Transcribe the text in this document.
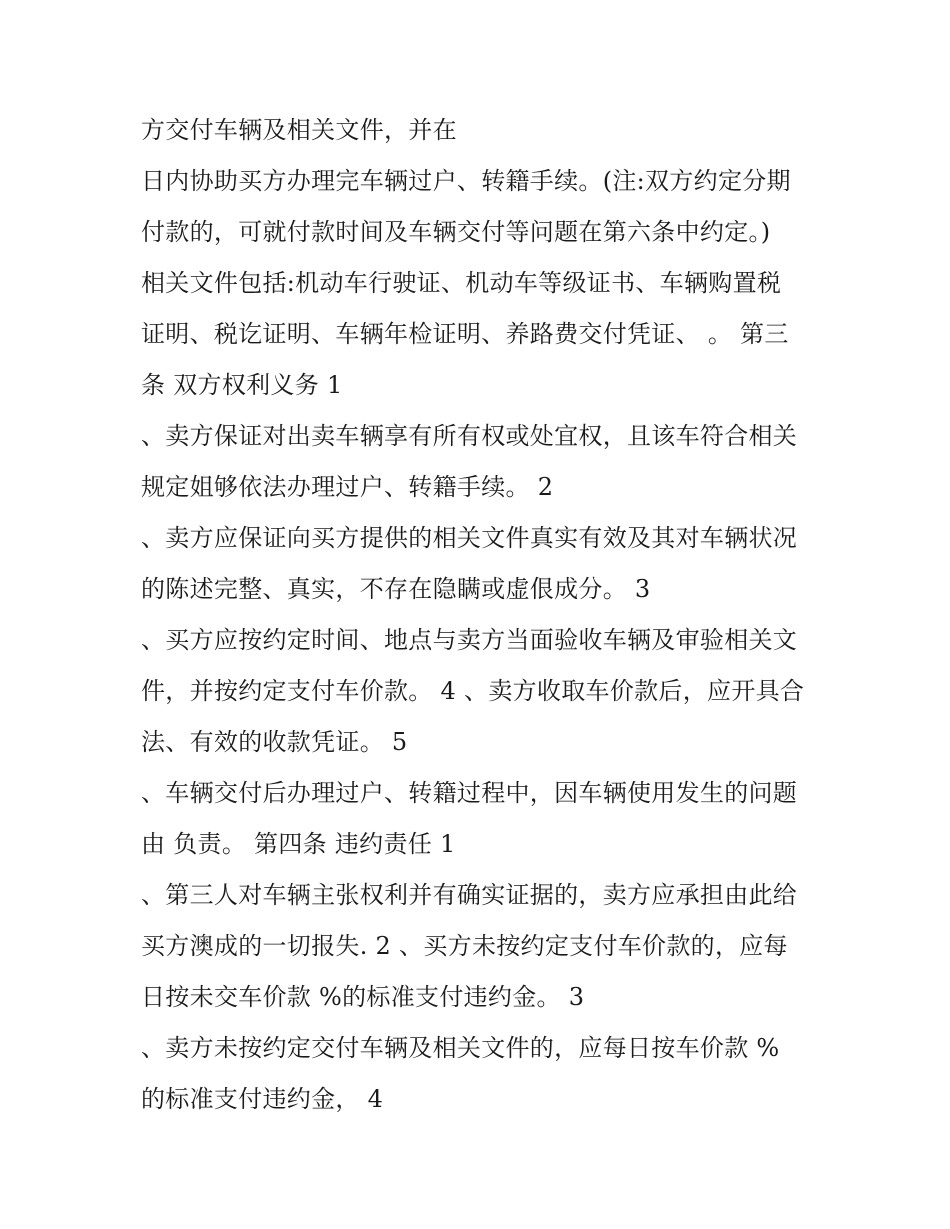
方交付车辆及相关文件，并在
日内协助买方办理完车辆过户、转籍手续。(注:双方约定分期
付款的，可就付款时间及车辆交付等问题在第六条中约定。)
相关文件包括:机动车行驶证、机动车等级证书、车辆购置税
证明、税讫证明、车辆年检证明、养路费交付凭证、 。 第三
条 双方权利义务 1
、卖方保证对出卖车辆享有所有权或处宜权，且该车符合相关
规定姐够依法办理过户、转籍手续。 2
、卖方应保证向买方提供的相关文件真实有效及其对车辆状况
的陈述完整、真实，不存在隐瞒或虚佷成分。 3
、买方应按约定时间、地点与卖方当面验收车辆及审验相关文
件，并按约定支付车价款。 4 、卖方收取车价款后，应开具合
法、有效的收款凭证。 5
、车辆交付后办理过户、转籍过程中，因车辆使用发生的问题
由 负责。 第四条 违约责任 1
、第三人对车辆主张权利并有确实证据的，卖方应承担由此给
买方澳成的一切报失. 2 、买方未按约定支付车价款的，应每
日按未交车价款 %的标准支付违约金。 3
、卖方未按约定交付车辆及相关文件的，应每日按车价款 %
的标准支付违约金， 4
